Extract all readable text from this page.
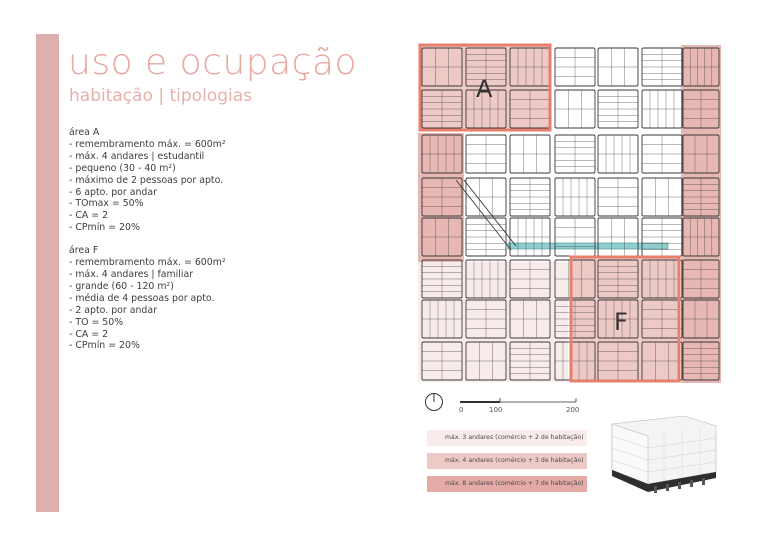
uso e ocupação
habitação | tipologias
área A
- remembramento máx. = 600m²
- máx. 4 andares | estudantil
- pequeno (30 - 40 m²)
- máximo de 2 pessoas por apto.
- 6 apto. por andar
- TOmax = 50%
- CA = 2
- CPmín = 20%
área F
- remembramento máx. = 600m²
- máx. 4 andares | familiar
- grande (60 - 120 m²)
- média de 4 pessoas por apto.
- 2 apto. por andar
- TO = 50%
- CA = 2
- CPmín = 20%
A
F
0	100	200
máx. 3 andares (comércio + 2 de habitação)
máx. 4 andares (comércio + 3 de habitação)
máx. 8 andares (comércio + 7 de habitação)
